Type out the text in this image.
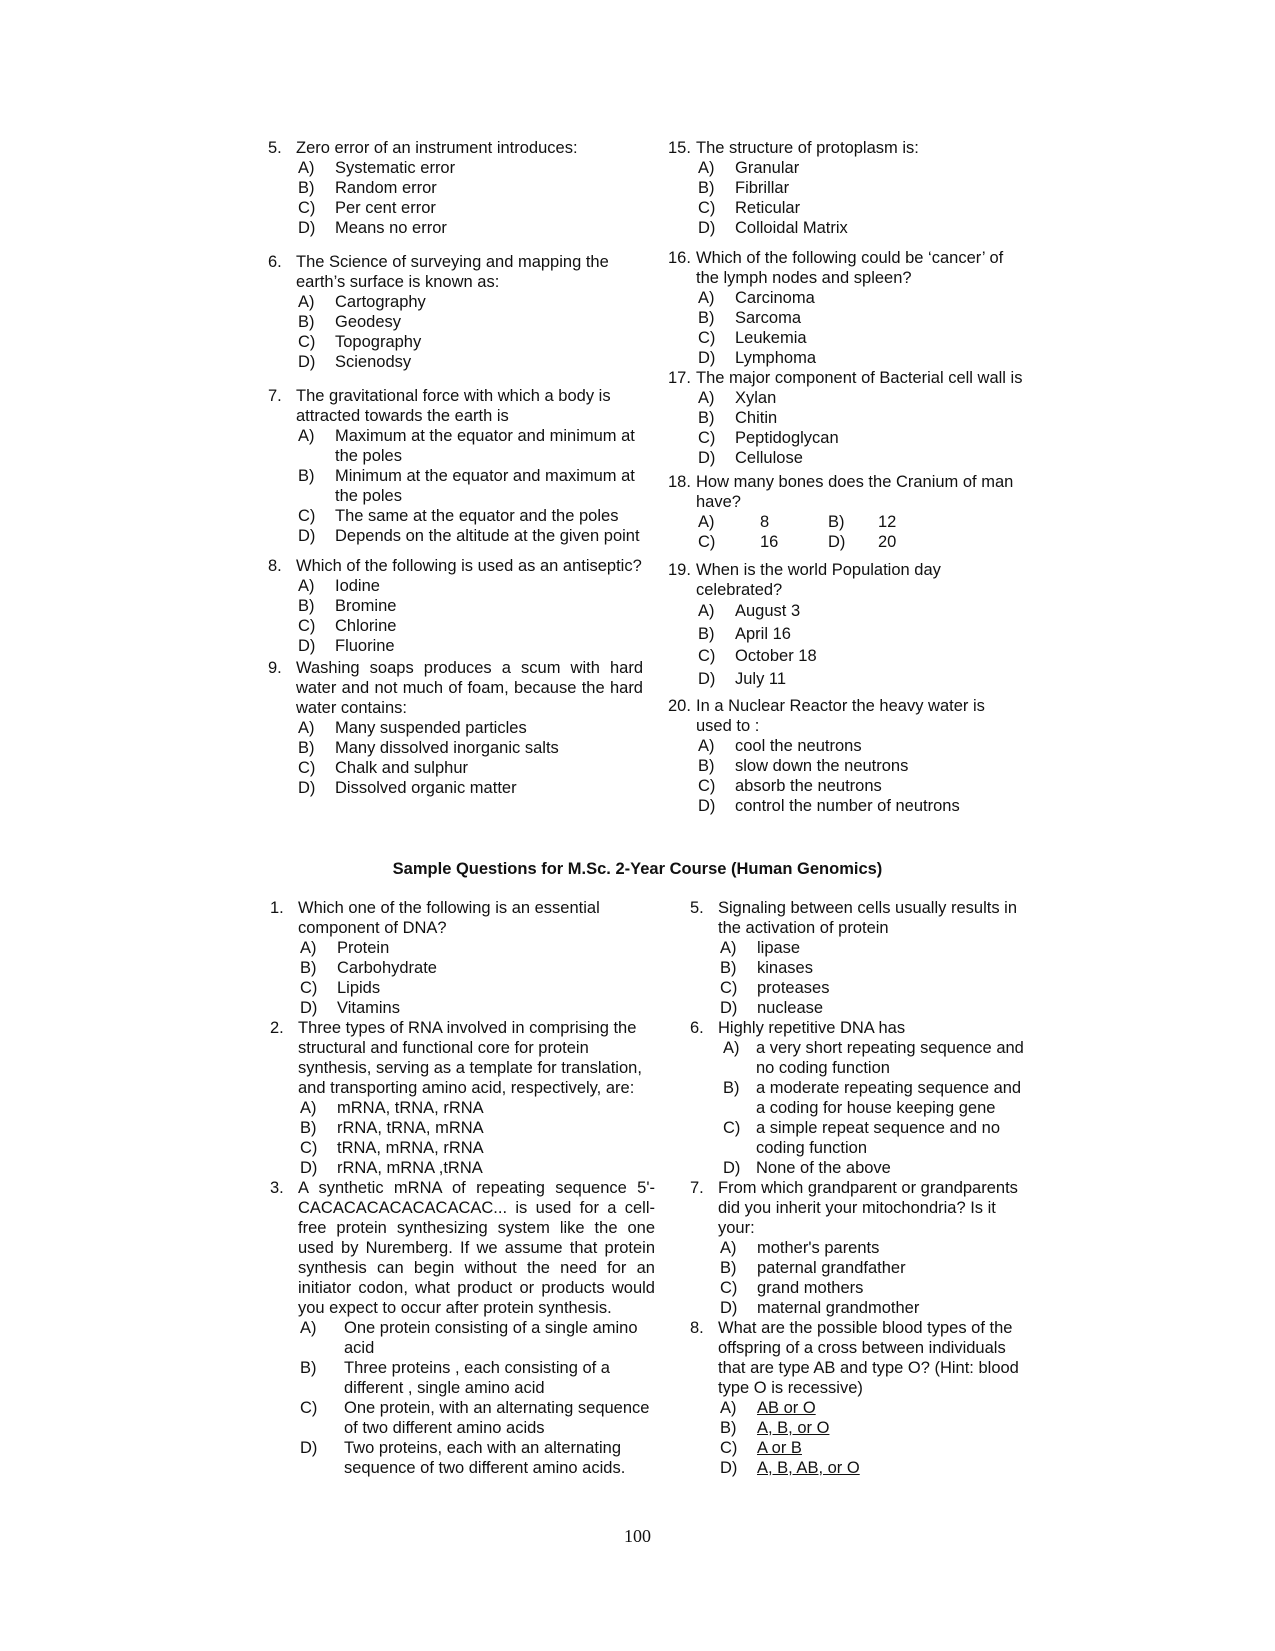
5. Zero error of an instrument introduces:
A) Systematic error
B) Random error
C) Per cent error
D) Means no error
6. The Science of surveying and mapping the earth’s surface is known as:
A) Cartography
B) Geodesy
C) Topography
D) Scienodsy
7. The gravitational force with which a body is attracted towards the earth is
A) Maximum at the equator and minimum at the poles
B) Minimum at the equator and maximum at the poles
C) The same at the equator and the poles
D) Depends on the altitude at the given point
8. Which of the following is used as an antiseptic?
A) Iodine
B) Bromine
C) Chlorine
D) Fluorine
9. Washing soaps produces a scum with hard water and not much of foam, because the hard water contains:
A) Many suspended particles
B) Many dissolved inorganic salts
C) Chalk and sulphur
D) Dissolved organic matter
15. The structure of protoplasm is:
A) Granular
B) Fibrillar
C) Reticular
D) Colloidal Matrix
16. Which of the following could be ‘cancer’ of the lymph nodes and spleen?
A) Carcinoma
B) Sarcoma
C) Leukemia
D) Lymphoma
17. The major component of Bacterial cell wall is
A) Xylan
B) Chitin
C) Peptidoglycan
D) Cellulose
18. How many bones does the Cranium of man have?
A)	8	B)	12
C)	16	D)	20
19. When is the world Population day celebrated?
A) August 3
B) April 16
C) October 18
D) July 11
20. In a Nuclear Reactor the heavy water is used to :
A) cool the neutrons
B) slow down the neutrons
C) absorb the neutrons
D) control the number of neutrons
Sample Questions for M.Sc. 2-Year Course (Human Genomics)
1. Which one of the following is an essential component of DNA?
A) Protein
B) Carbohydrate
C) Lipids
D) Vitamins
2. Three types of RNA involved in comprising the structural and functional core for protein synthesis, serving as a template for translation, and transporting amino acid, respectively, are:
A) mRNA, tRNA, rRNA
B) rRNA, tRNA, mRNA
C) tRNA, mRNA, rRNA
D) rRNA, mRNA ,tRNA
3. A synthetic mRNA of repeating sequence 5'-CACACACACACACACAC... is used for a cell-free protein synthesizing system like the one used by Nuremberg. If we assume that protein synthesis can begin without the need for an initiator codon, what product or products would you expect to occur after protein synthesis.
A) One protein consisting of a single amino acid
B) Three proteins , each consisting of a different , single amino acid
C) One protein, with an alternating sequence of two different amino acids
D) Two proteins, each with an alternating sequence of two different amino acids.
5. Signaling between cells usually results in the activation of protein
A) lipase
B) kinases
C) proteases
D) nuclease
6. Highly repetitive DNA has
A) a very short repeating sequence and no coding function
B) a moderate repeating sequence and a coding for house keeping gene
C) a simple repeat sequence and no coding function
D) None of the above
7. From which grandparent or grandparents did you inherit your mitochondria? Is it your:
A) mother's parents
B) paternal grandfather
C) grand mothers
D) maternal grandmother
8. What are the possible blood types of the offspring of a cross between individuals that are type AB and type O? (Hint: blood type O is recessive)
A) AB or O
B) A, B, or O
C) A or B
D) A, B, AB, or O
100
